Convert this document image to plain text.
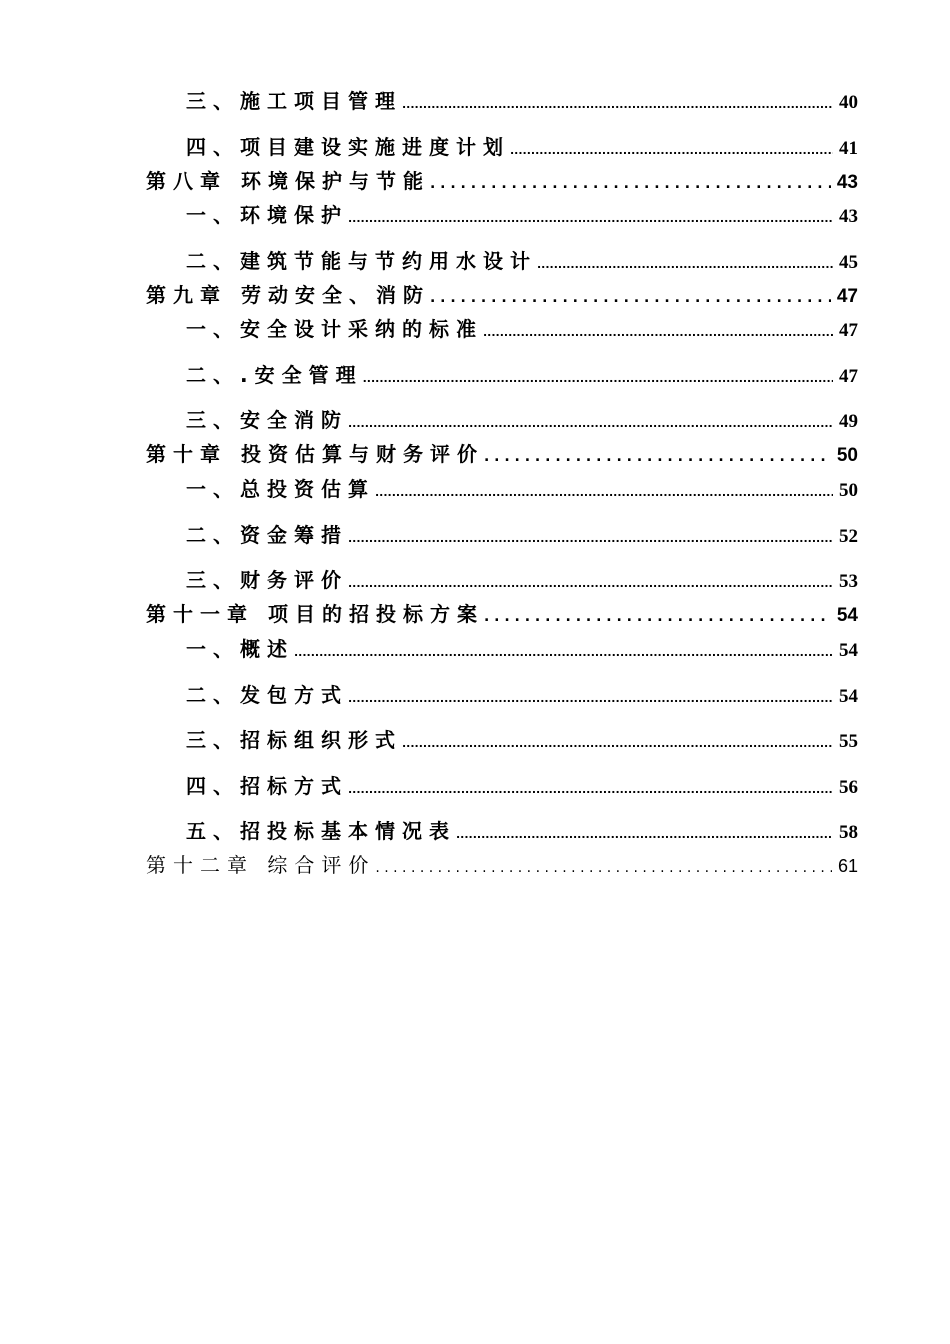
三、施工项目管理 .....	40
四、项目建设实施进度计划 .....	41
第八章 环境保护与节能 . . .	43
一、环境保护 .....	43
二、建筑节能与节约用水设计 .....	45
第九章 劳动安全、消防 . . .	47
一、安全设计采纳的标准 .....	47
二、.安全管理 .....	47
三、安全消防 .....	49
第十章 投资估算与财务评价 . . .	50
一、总投资估算 .....	50
二、资金筹措 .....	52
三、财务评价 .....	53
第十一章 项目的招投标方案 . . .	54
一、概述 .....	54
二、发包方式 .....	54
三、招标组织形式 .....	55
四、招标方式 .....	56
五、招投标基本情况表 .....	58
第十二章 综合评价 . . .	61
